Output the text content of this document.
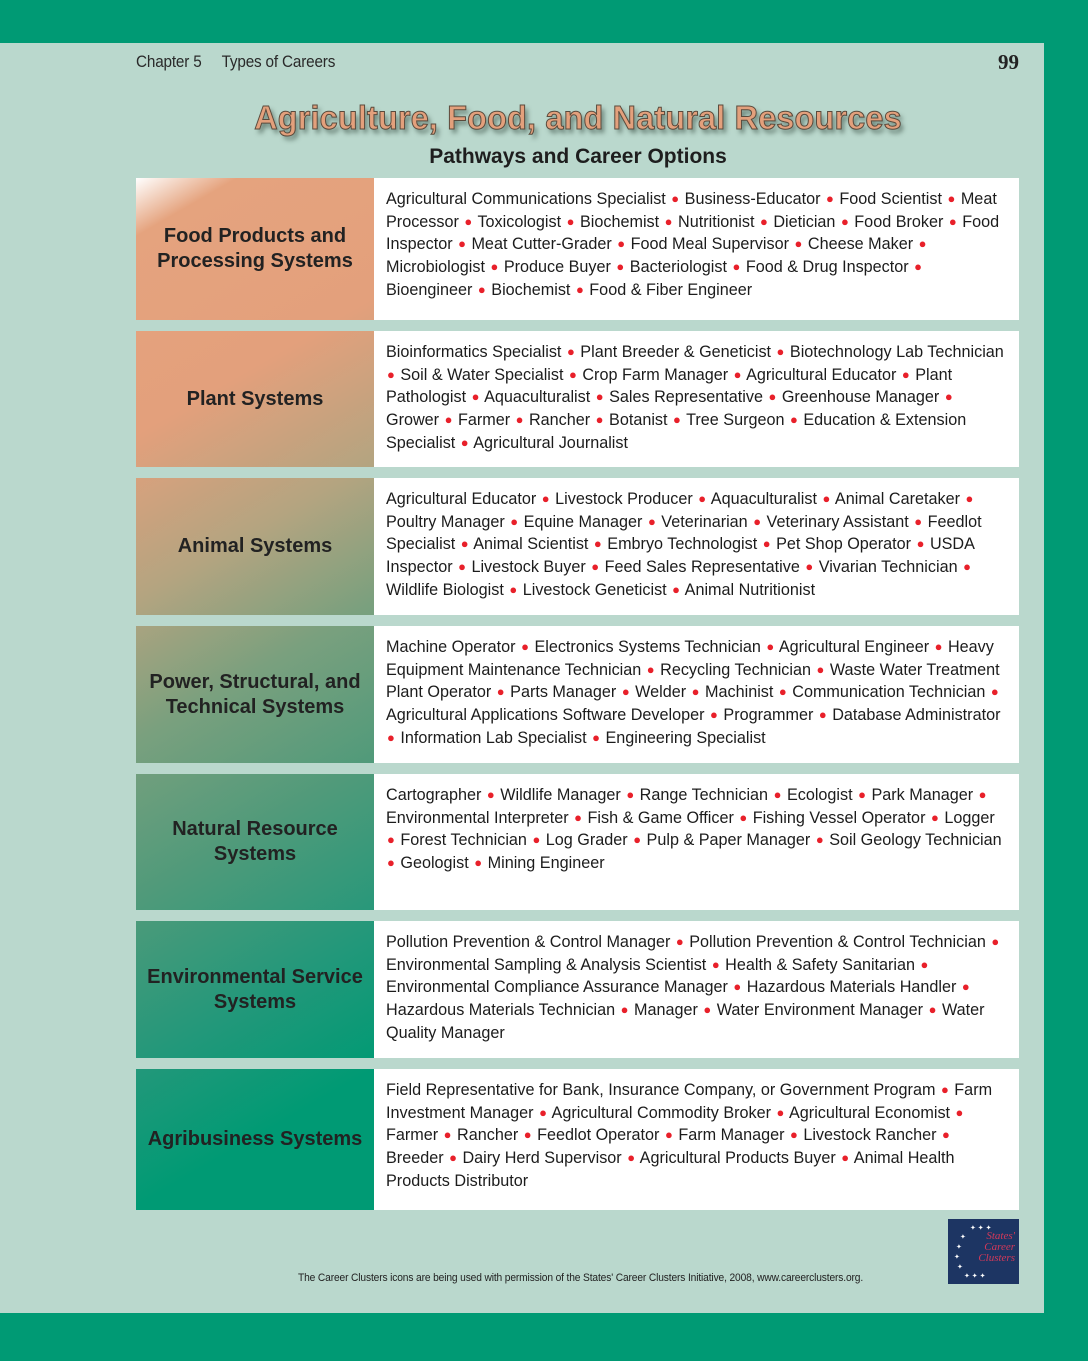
Chapter 5 Types of Careers	99
Agriculture, Food, and Natural Resources
Pathways and Career Options
Food Products and Processing Systems
Agricultural Communications Specialist ● Business-Educator ● Food Scientist ● Meat Processor ● Toxicologist ● Biochemist ● Nutritionist ● Dietician ● Food Broker ● Food Inspector ● Meat Cutter-Grader ● Food Meal Supervisor ● Cheese Maker ● Microbiologist ● Produce Buyer ● Bacteriologist ● Food & Drug Inspector ● Bioengineer ● Biochemist ● Food & Fiber Engineer
Plant Systems
Bioinformatics Specialist ● Plant Breeder & Geneticist ● Biotechnology Lab Technician ● Soil & Water Specialist ● Crop Farm Manager ● Agricultural Educator ● Plant Pathologist ● Aquaculturalist ● Sales Representative ● Greenhouse Manager ● Grower ● Farmer ● Rancher ● Botanist ● Tree Surgeon ● Education & Extension Specialist ● Agricultural Journalist
Animal Systems
Agricultural Educator ● Livestock Producer ● Aquaculturalist ● Animal Caretaker ● Poultry Manager ● Equine Manager ● Veterinarian ● Veterinary Assistant ● Feedlot Specialist ● Animal Scientist ● Embryo Technologist ● Pet Shop Operator ● USDA Inspector ● Livestock Buyer ● Feed Sales Representative ● Vivarian Technician ● Wildlife Biologist ● Livestock Geneticist ● Animal Nutritionist
Power, Structural, and Technical Systems
Machine Operator ● Electronics Systems Technician ● Agricultural Engineer ● Heavy Equipment Maintenance Technician ● Recycling Technician ● Waste Water Treatment Plant Operator ● Parts Manager ● Welder ● Machinist ● Communication Technician ● Agricultural Applications Software Developer ● Programmer ● Database Administrator ● Information Lab Specialist ● Engineering Specialist
Natural Resource Systems
Cartographer ● Wildlife Manager ● Range Technician ● Ecologist ● Park Manager ● Environmental Interpreter ● Fish & Game Officer ● Fishing Vessel Operator ● Logger ● Forest Technician ● Log Grader ● Pulp & Paper Manager ● Soil Geology Technician ● Geologist ● Mining Engineer
Environmental Service Systems
Pollution Prevention & Control Manager ● Pollution Prevention & Control Technician ● Environmental Sampling & Analysis Scientist ● Health & Safety Sanitarian ● Environmental Compliance Assurance Manager ● Hazardous Materials Handler ● Hazardous Materials Technician ● Manager ● Water Environment Manager ● Water Quality Manager
Agribusiness Systems
Field Representative for Bank, Insurance Company, or Government Program ● Farm Investment Manager ● Agricultural Commodity Broker ● Agricultural Economist ● Farmer ● Rancher ● Feedlot Operator ● Farm Manager ● Livestock Rancher ● Breeder ● Dairy Herd Supervisor ● Agricultural Products Buyer ● Animal Health Products Distributor
The Career Clusters icons are being used with permission of the States' Career Clusters Initiative, 2008, www.careerclusters.org.
✦ ✦ ✦
✦
✦
✦
✦
✦ ✦ ✦
States'
Career
Clusters
